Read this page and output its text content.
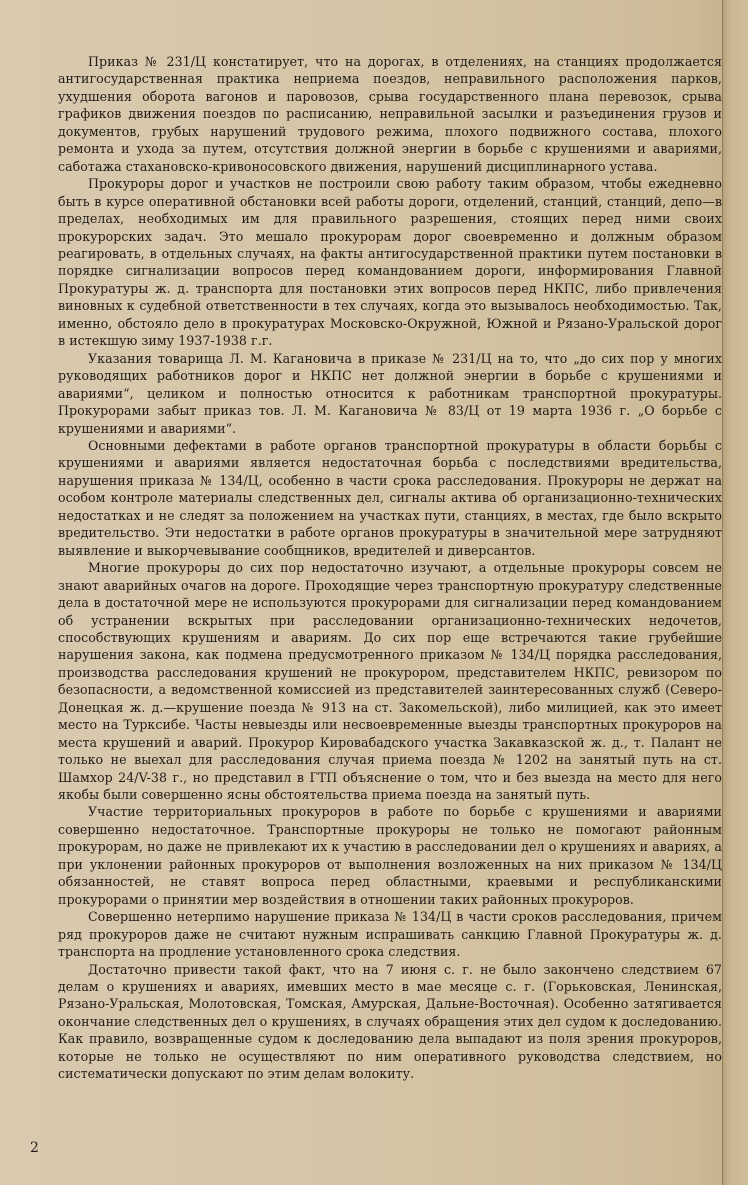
Приказ № 231/Ц констатирует, что на дорогах, в отделениях, на станциях продолжается антигосударственная практика неприема поездов, неправильного расположения парков, ухудшения оборота вагонов и паровозов, срыва государственного плана перевозок, срыва графиков движения поездов по расписанию, неправильной засылки и разъединения грузов и документов, грубых нарушений трудового режима, плохого подвижного состава, плохого ремонта и ухода за путем, отсутствия должной энергии в борьбе с крушениями и авариями, саботажа стахановско-кривоносовского движения, нарушений дисциплинарного устава.

Прокуроры дорог и участков не построили свою работу таким образом, чтобы ежедневно быть в курсе оперативной обстановки всей работы дороги, отделений, станций, станций, депо—в пределах, необходимых им для правильного разрешения, стоящих перед ними своих прокурорских задач. Это мешало прокурорам дорог своевременно и должным образом реагировать, в отдельных случаях, на факты антигосударственной практики путем постановки в порядке сигнализации вопросов перед командованием дороги, информирования Главной Прокуратуры ж. д. транспорта для постановки этих вопросов перед НКПС, либо привлечения виновных к судебной ответственности в тех случаях, когда это вызывалось необходимостью. Так, именно, обстояло дело в прокуратурах Московско-Окружной, Южной и Рязано-Уральской дорог в истекшую зиму 1937-1938 г.г.

Указания товарища Л. М. Кагановича в приказе № 231/Ц на то, что „до сих пор у многих руководящих работников дорог и НКПС нет должной энергии в борьбе с крушениями и авариями“, целиком и полностью относится к работникам транспортной прокуратуры. Прокурорами забыт приказ тов. Л. М. Кагановича № 83/Ц от 19 марта 1936 г. „О борьбе с крушениями и авариями“.

Основными дефектами в работе органов транспортной прокуратуры в области борьбы с крушениями и авариями является недостаточная борьба с последствиями вредительства, нарушения приказа № 134/Ц, особенно в части срока расследования. Прокуроры не держат на особом контроле материалы следственных дел, сигналы актива об организационно-технических недостатках и не следят за положением на участках пути, станциях, в местах, где было вскрыто вредительство. Эти недостатки в работе органов прокуратуры в значительной мере затрудняют выявление и выкорчевывание сообщников, вредителей и диверсантов.

Многие прокуроры до сих пор недостаточно изучают, а отдельные прокуроры совсем не знают аварийных очагов на дороге. Проходящие через транспортную прокуратуру следственные дела в достаточной мере не используются прокурорами для сигнализации перед командованием об устранении вскрытых при расследовании организационно-технических недочетов, способствующих крушениям и авариям. До сих пор еще встречаются такие грубейшие нарушения закона, как подмена предусмотренного приказом № 134/Ц порядка расследования, производства расследования крушений не прокурором, представителем НКПС, ревизором по безопасности, а ведомственной комиссией из представителей заинтересованных служб (Северо-Донецкая ж. д.—крушение поезда № 913 на ст. Закомельской), либо милицией, как это имеет место на Турксибе. Часты невыезды или несвоевременные выезды транспортных прокуроров на места крушений и аварий. Прокурор Кировабадского участка Закавказской ж. д., т. Палант не только не выехал для расследования случая приема поезда № 1202 на занятый путь на ст. Шамхор 24/V-38 г., но представил в ГТП объяснение о том, что и без выезда на место для него якобы были совершенно ясны обстоятельства приема поезда на занятый путь.

Участие территориальных прокуроров в работе по борьбе с крушениями и авариями совершенно недостаточное. Транспортные прокуроры не только не помогают районным прокурорам, но даже не привлекают их к участию в расследовании дел о крушениях и авариях, а при уклонении районных прокуроров от выполнения возложенных на них приказом № 134/Ц обязанностей, не ставят вопроса перед областными, краевыми и республиканскими прокурорами о принятии мер воздействия в отношении таких районных прокуроров.

Совершенно нетерпимо нарушение приказа № 134/Ц в части сроков расследования, причем ряд прокуроров даже не считают нужным испрашивать санкцию Главной Прокуратуры ж. д. транспорта на продление установленного срока следствия.

Достаточно привести такой факт, что на 7 июня с. г. не было закончено следствием 67 делам о крушениях и авариях, имевших место в мае месяце с. г. (Горьковская, Ленинская, Рязано-Уральская, Молотовская, Томская, Амурская, Дальне-Восточная). Особенно затягивается окончание следственных дел о крушениях, в случаях обращения этих дел судом к доследованию. Как правило, возвращенные судом к доследованию дела выпадают из поля зрения прокуроров, которые не только не осуществляют по ним оперативного руководства следствием, но систематически допускают по этим делам волокиту.

2
